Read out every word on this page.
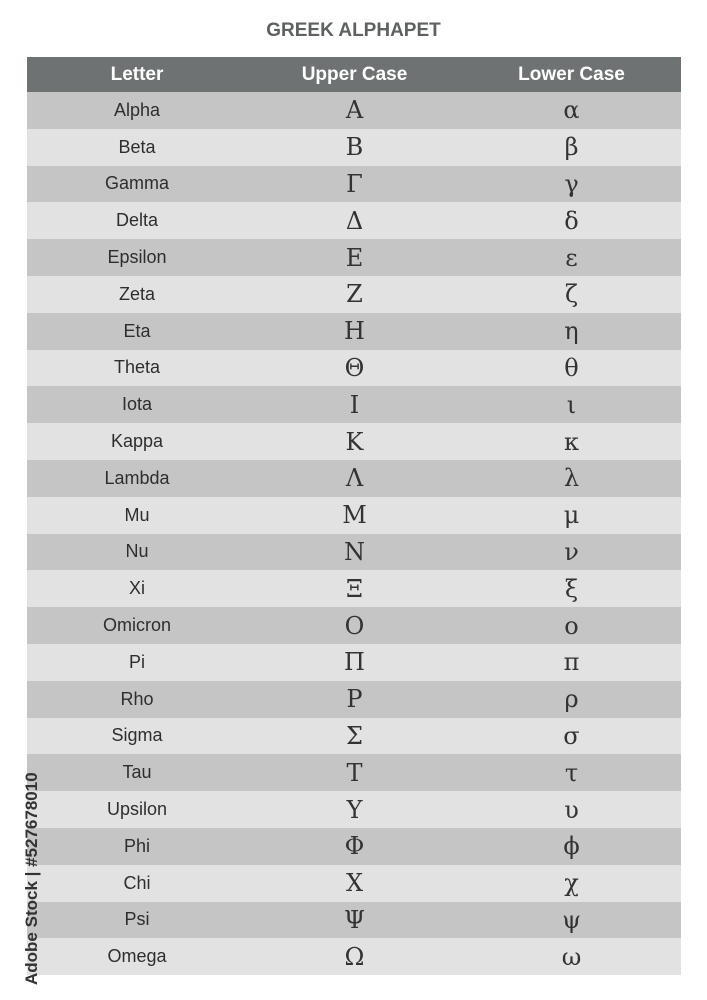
GREEK ALPHAPET
Letter	Upper Case	Lower Case
Alpha	Α	α
Beta	Β	β
Gamma	Γ	γ
Delta	Δ	δ
Epsilon	Ε	ε
Zeta	Ζ	ζ
Eta	Η	η
Theta	Θ	θ
Iota	Ι	ι
Kappa	Κ	κ
Lambda	Λ	λ
Mu	Μ	μ
Nu	Ν	ν
Xi	Ξ	ξ
Omicron	Ο	ο
Pi	Π	π
Rho	Ρ	ρ
Sigma	Σ	σ
Tau	Τ	τ
Upsilon	Υ	υ
Phi	Φ	ϕ
Chi	Χ	χ
Psi	Ψ	ψ
Omega	Ω	ω
Adobe Stock | #527678010
